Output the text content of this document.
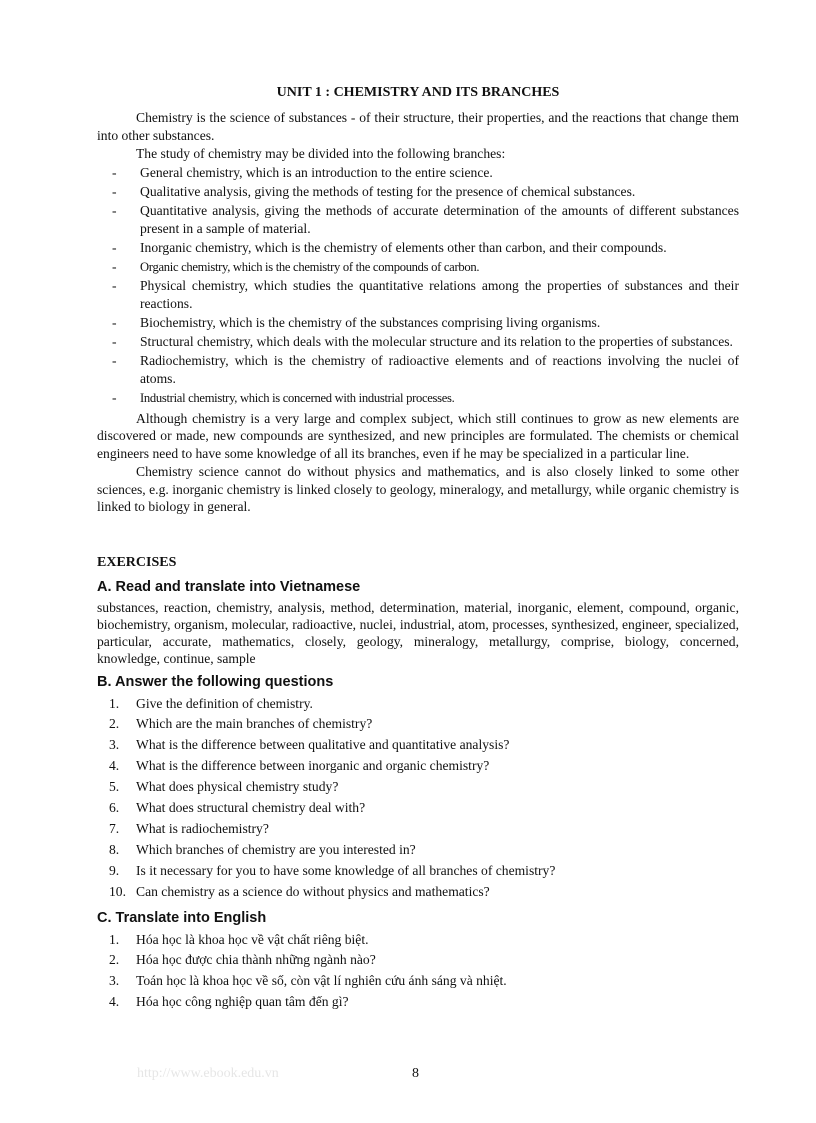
UNIT 1 : CHEMISTRY AND ITS BRANCHES

Chemistry is the science of substances - of their structure, their properties, and the reactions that change them into other substances.

The study of chemistry may be divided into the following branches:

- General chemistry, which is an introduction to the entire science.
- Qualitative analysis, giving the methods of testing for the presence of chemical substances.
- Quantitative analysis, giving the methods of accurate determination of the amounts of different substances present in a sample of material.
- Inorganic chemistry, which is the chemistry of elements other than carbon, and their compounds.
- Organic chemistry, which is the chemistry of the compounds of carbon.
- Physical chemistry, which studies the quantitative relations among the properties of substances and their reactions.
- Biochemistry, which is the chemistry of the substances comprising living organisms.
- Structural chemistry, which deals with the molecular structure and its relation to the properties of substances.
- Radiochemistry, which is the chemistry of radioactive elements and of reactions involving the nuclei of atoms.
- Industrial chemistry, which is concerned with industrial processes.

Although chemistry is a very large and complex subject, which still continues to grow as new elements are discovered or made, new compounds are synthesized, and new principles are formulated. The chemists or chemical engineers need to have some knowledge of all its branches, even if he may be specialized in a particular line.

Chemistry science cannot do without physics and mathematics, and is also closely linked to some other sciences, e.g. inorganic chemistry is linked closely to geology, mineralogy, and metallurgy, while organic chemistry is linked to biology in general.

EXERCISES
A. Read and translate into Vietnamese

substances, reaction, chemistry, analysis, method, determination, material, inorganic, element, compound, organic, biochemistry, organism, molecular, radioactive, nuclei, industrial, atom, processes, synthesized, engineer, specialized, particular, accurate, mathematics, closely, geology, mineralogy, metallurgy, comprise, biology, concerned, knowledge, continue, sample

B. Answer the following questions
1. Give the definition of chemistry.
2. Which are the main branches of chemistry?
3. What is the difference between qualitative and quantitative analysis?
4. What is the difference between inorganic and organic chemistry?
5. What does physical chemistry study?
6. What does structural chemistry deal with?
7. What is radiochemistry?
8. Which branches of chemistry are you interested in?
9. Is it necessary for you to have some knowledge of all branches of chemistry?
10. Can chemistry as a science do without physics and mathematics?
C. Translate into English
1. Hóa học là khoa học về vật chất riêng biệt.
2. Hóa học được chia thành những ngành nào?
3. Toán học là khoa học về số, còn vật lí nghiên cứu ánh sáng và nhiệt.
4. Hóa học công nghiệp quan tâm đến gì?
http://www.ebook.edu.vn	8
